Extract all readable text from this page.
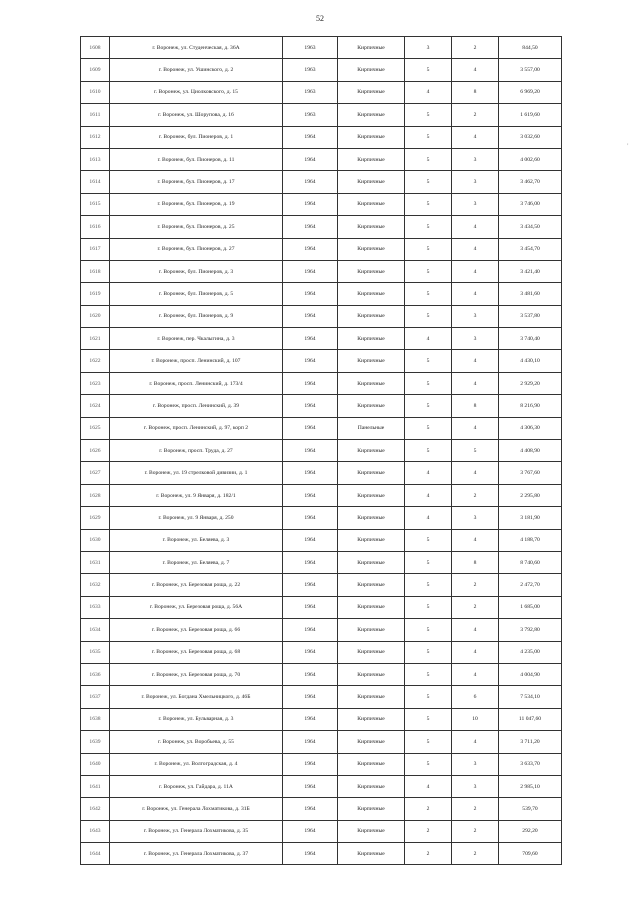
52
,
1608	г. Воронеж, ул. Студенческая, д. 36А	1963	Кирпичные	3	2	844,50
1609	г. Воронеж, ул. Ушинского, д. 2	1963	Кирпичные	5	4	3 557,00
1610	г. Воронеж, ул. Циолковского, д. 15	1963	Кирпичные	4	8	6 969,20
1611	г. Воронеж, ул. Шорупова, д. 16	1963	Кирпичные	5	2	1 619,60
1612	г. Воронеж, бул. Пионеров, д. 1	1964	Кирпичные	5	4	3 032,60
1613	г. Воронеж, бул. Пионеров, д. 11	1964	Кирпичные	5	3	4 002,60
1614	г. Воронеж, бул. Пионеров, д. 17	1964	Кирпичные	5	3	3 462,70
1615	г. Воронеж, бул. Пионеров, д. 19	1964	Кирпичные	5	3	3 746,00
1616	г. Воронеж, бул. Пионеров, д. 25	1964	Кирпичные	5	4	3 434,50
1617	г. Воронеж, бул. Пионеров, д. 27	1964	Кирпичные	5	4	3 454,70
1618	г. Воронеж, бул. Пионеров, д. 3	1964	Кирпичные	5	4	3 421,40
1619	г. Воронеж, бул. Пионеров, д. 5	1964	Кирпичные	5	4	3 481,60
1620	г. Воронеж, бул. Пионеров, д. 9	1964	Кирпичные	5	3	3 537,80
1621	г. Воронеж, пер. Чкалыгина, д. 3	1964	Кирпичные	4	3	3 740,40
1622	г. Воронеж, просп. Ленинский, д. 107	1964	Кирпичные	5	4	4 430,10
1623	г. Воронеж, просп. Ленинский, д. 173/4	1964	Кирпичные	5	4	2 929,20
1624	г. Воронеж, просп. Ленинский, д. 39	1964	Кирпичные	5	8	8 216,90
1625	г. Воронеж, просп. Ленинский, д. 97, корп 2	1964	Панельные	5	4	4 306,30
1626	г. Воронеж, просп. Труда, д. 27	1964	Кирпичные	5	5	4 408,90
1627	г. Воронеж, ул. 19 стрелковой дивизии, д. 1	1964	Кирпичные	4	4	3 767,60
1628	г. Воронеж, ул. 9 Января, д. 182/1	1964	Кирпичные	4	2	2 295,80
1629	г. Воронеж, ул. 9 Января, д. 250	1964	Кирпичные	4	3	3 181,90
1630	г. Воронеж, ул. Беляева, д. 3	1964	Кирпичные	5	4	4 188,70
1631	г. Воронеж, ул. Беляева, д. 7	1964	Кирпичные	5	8	8 740,60
1632	г. Воронеж, ул. Березовая роща, д. 22	1964	Кирпичные	5	2	2 472,70
1633	г. Воронеж, ул. Березовая роща, д. 56А	1964	Кирпичные	5	2	1 685,00
1634	г. Воронеж, ул. Березовая роща, д. 66	1964	Кирпичные	5	4	3 792,80
1635	г. Воронеж, ул. Березовая роща, д. 68	1964	Кирпичные	5	4	4 235,00
1636	г. Воронеж, ул. Березовая роща, д. 70	1964	Кирпичные	5	4	4 004,90
1637	г. Воронеж, ул. Богдана Хмельницкого, д. 46Б	1964	Кирпичные	5	6	7 534,10
1638	г. Воронеж, ул. Бульварная, д. 3	1964	Кирпичные	5	10	11 047,60
1639	г. Воронеж, ул. Воробьева, д. 55	1964	Кирпичные	5	4	3 711,20
1640	г. Воронеж, ул. Волгоградская, д. 4	1964	Кирпичные	5	3	3 633,70
1641	г. Воронеж, ул. Гайдара, д. 11А	1964	Кирпичные	4	3	2 985,10
1642	г. Воронеж, ул. Генерала Лохматикова, д. 31Б	1964	Кирпичные	2	2	539,70
1643	г. Воронеж, ул. Генерала Лохматикова, д. 35	1964	Кирпичные	2	2	292,20
1644	г. Воронеж, ул. Генерала Лохматикова, д. 37	1964	Кирпичные	2	2	709,60
